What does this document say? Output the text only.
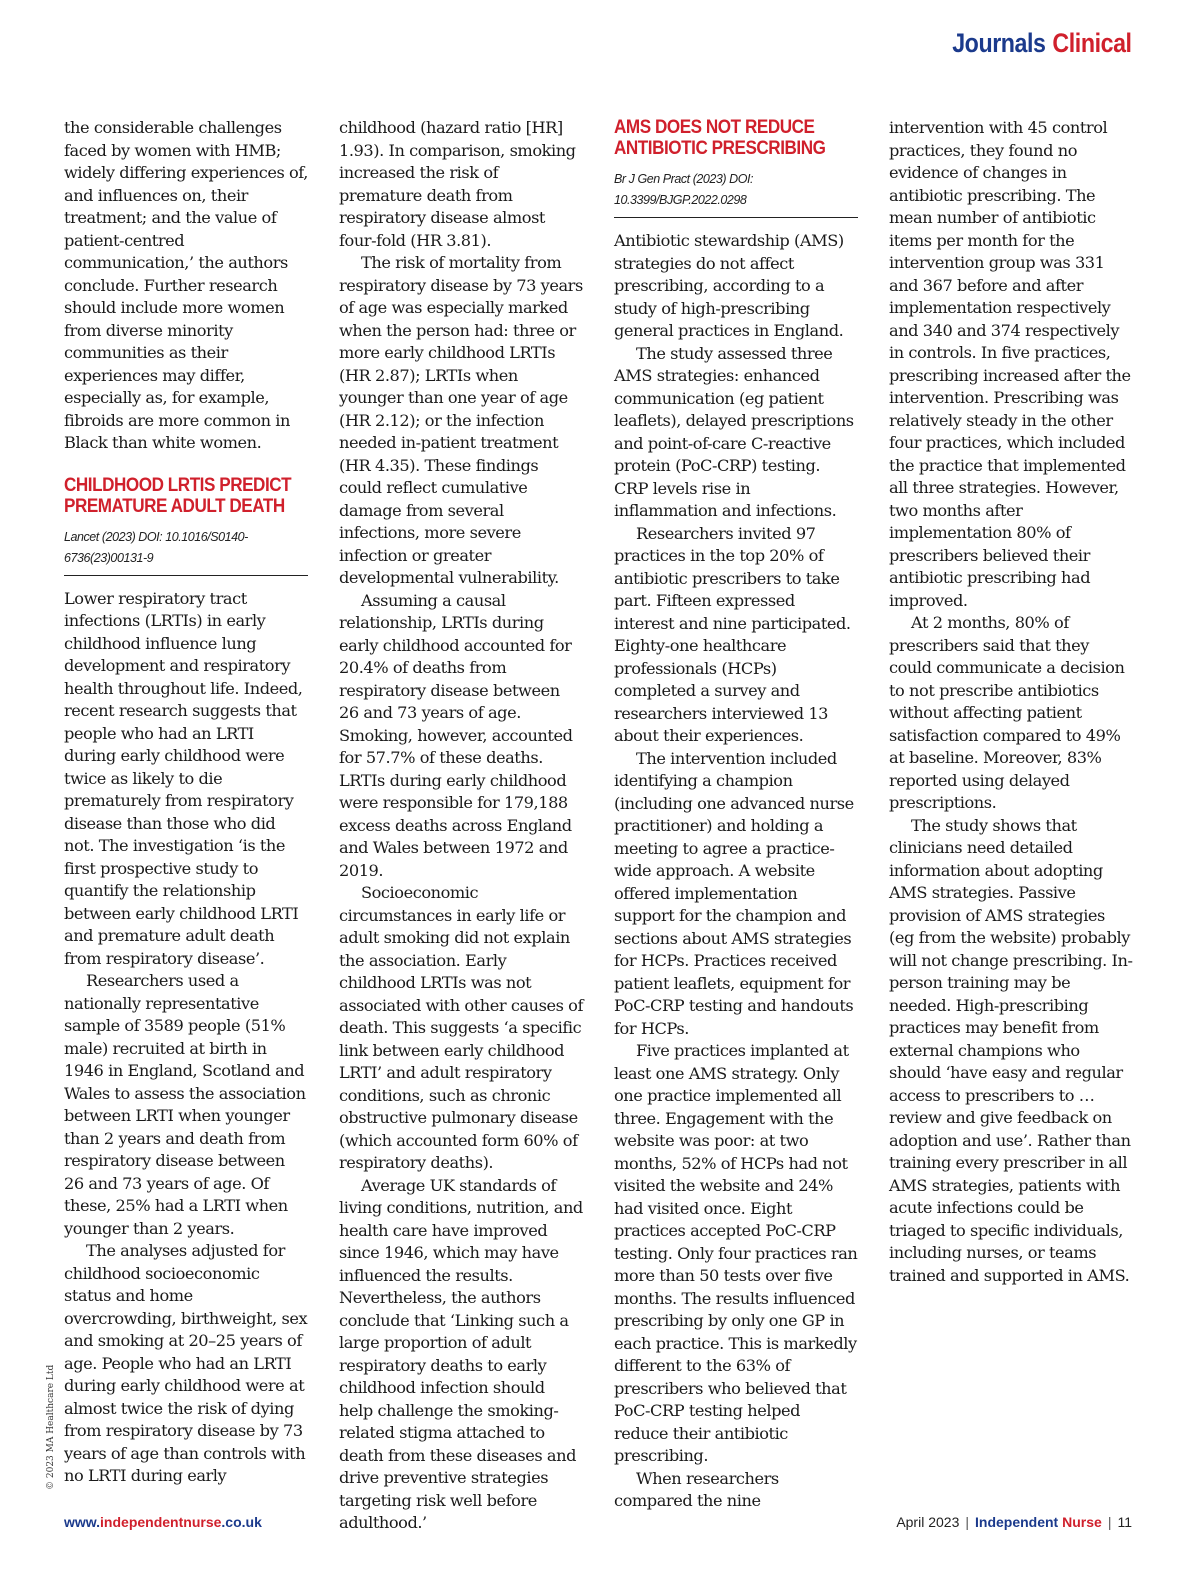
Journals Clinical

the considerable challenges faced by women with HMB; widely differing experiences of, and influences on, their treatment; and the value of patient-centred communication,’ the authors conclude. Further research should include more women from diverse minority communities as their experiences may differ, especially as, for example, fibroids are more common in Black than white women.

CHILDHOOD LRTIS PREDICT PREMATURE ADULT DEATH
Lancet (2023) DOI: 10.1016/S0140-6736(23)00131-9

Lower respiratory tract infections (LRTIs) in early childhood influence lung development and respiratory health throughout life. Indeed, recent research suggests that people who had an LRTI during early childhood were twice as likely to die prematurely from respiratory disease than those who did not. The investigation ‘is the first prospective study to quantify the relationship between early childhood LRTI and premature adult death from respiratory disease’.

Researchers used a nationally representative sample of 3589 people (51% male) recruited at birth in 1946 in England, Scotland and Wales to assess the association between LRTI when younger than 2 years and death from respiratory disease between 26 and 73 years of age. Of these, 25% had a LRTI when younger than 2 years.

The analyses adjusted for childhood socioeconomic status and home overcrowding, birthweight, sex and smoking at 20–25 years of age. People who had an LRTI during early childhood were at almost twice the risk of dying from respiratory disease by 73 years of age than controls with no LRTI during early

childhood (hazard ratio [HR] 1.93). In comparison, smoking increased the risk of premature death from respiratory disease almost four-fold (HR 3.81).

The risk of mortality from respiratory disease by 73 years of age was especially marked when the person had: three or more early childhood LRTIs (HR 2.87); LRTIs when younger than one year of age (HR 2.12); or the infection needed in-patient treatment (HR 4.35). These findings could reflect cumulative damage from several infections, more severe infection or greater developmental vulnerability.

Assuming a causal relationship, LRTIs during early childhood accounted for 20.4% of deaths from respiratory disease between 26 and 73 years of age. Smoking, however, accounted for 57.7% of these deaths. LRTIs during early childhood were responsible for 179,188 excess deaths across England and Wales between 1972 and 2019.

Socioeconomic circumstances in early life or adult smoking did not explain the association. Early childhood LRTIs was not associated with other causes of death. This suggests ‘a specific link between early childhood LRTI’ and adult respiratory conditions, such as chronic obstructive pulmonary disease (which accounted form 60% of respiratory deaths).

Average UK standards of living conditions, nutrition, and health care have improved since 1946, which may have influenced the results. Nevertheless, the authors conclude that ‘Linking such a large proportion of adult respiratory deaths to early childhood infection should help challenge the smoking-related stigma attached to death from these diseases and drive preventive strategies targeting risk well before adulthood.’

AMS DOES NOT REDUCE ANTIBIOTIC PRESCRIBING
Br J Gen Pract (2023) DOI: 10.3399/BJGP.2022.0298

Antibiotic stewardship (AMS) strategies do not affect prescribing, according to a study of high-prescribing general practices in England.

The study assessed three AMS strategies: enhanced communication (eg patient leaflets), delayed prescriptions and point-of-care C-reactive protein (PoC-CRP) testing. CRP levels rise in inflammation and infections.

Researchers invited 97 practices in the top 20% of antibiotic prescribers to take part. Fifteen expressed interest and nine participated. Eighty-one healthcare professionals (HCPs) completed a survey and researchers interviewed 13 about their experiences.

The intervention included identifying a champion (including one advanced nurse practitioner) and holding a meeting to agree a practice-wide approach. A website offered implementation support for the champion and sections about AMS strategies for HCPs. Practices received patient leaflets, equipment for PoC-CRP testing and handouts for HCPs.

Five practices implanted at least one AMS strategy. Only one practice implemented all three. Engagement with the website was poor: at two months, 52% of HCPs had not visited the website and 24% had visited once. Eight practices accepted PoC-CRP testing. Only four practices ran more than 50 tests over five months. The results influenced prescribing by only one GP in each practice. This is markedly different to the 63% of prescribers who believed that PoC-CRP testing helped reduce their antibiotic prescribing.

When researchers compared the nine

intervention with 45 control practices, they found no evidence of changes in antibiotic prescribing. The mean number of antibiotic items per month for the intervention group was 331 and 367 before and after implementation respectively and 340 and 374 respectively in controls. In five practices, prescribing increased after the intervention. Prescribing was relatively steady in the other four practices, which included the practice that implemented all three strategies. However, two months after implementation 80% of prescribers believed their antibiotic prescribing had improved.

At 2 months, 80% of prescribers said that they could communicate a decision to not prescribe antibiotics without affecting patient satisfaction compared to 49% at baseline. Moreover, 83% reported using delayed prescriptions.

The study shows that clinicians need detailed information about adopting AMS strategies. Passive provision of AMS strategies (eg from the website) probably will not change prescribing. In-person training may be needed. High-prescribing practices may benefit from external champions who should ‘have easy and regular access to prescribers to … review and give feedback on adoption and use’. Rather than training every prescriber in all AMS strategies, patients with acute infections could be triaged to specific individuals, including nurses, or teams trained and supported in AMS.

© 2023 MA Healthcare Ltd
www.independentnurse.co.uk	April 2023 | Independent Nurse | 11
